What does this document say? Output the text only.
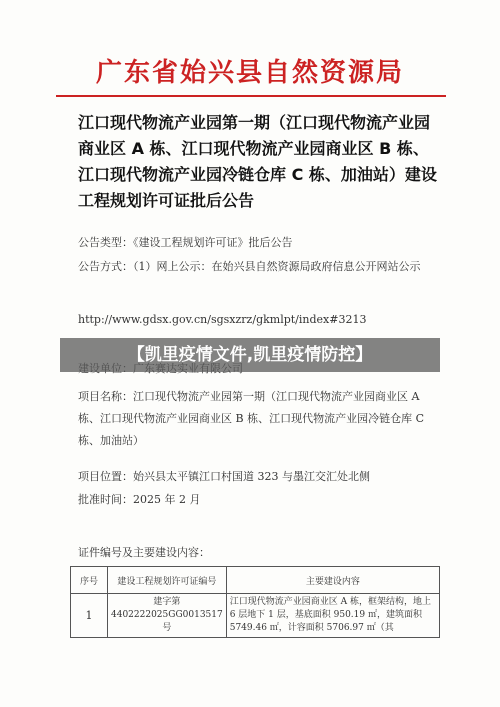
广东省始兴县自然资源局
江口现代物流产业园第一期（江口现代物流产业园商业区 A 栋、江口现代物流产业园商业区 B 栋、江口现代物流产业园冷链仓库 C 栋、加油站）建设工程规划许可证批后公告
公告类型：《建设工程规划许可证》批后公告
公告方式：（1）网上公示：在始兴县自然资源局政府信息公开网站公示
http://www.gdsx.gov.cn/sgsxzrz/gkmlpt/index#3213
项目名称：江口现代物流产业园第一期（江口现代物流产业园商业区 A 栋、江口现代物流产业园商业区 B 栋、江口现代物流产业园冷链仓库 C 栋、加油站）
项目位置：始兴县太平镇江口村国道 323 与墨江交汇处北侧
批准时间：2025 年 2 月
【凯里疫情文件,凯里疫情防控】
证件编号及主要建设内容：
序号	建设工程规划许可证编号	主要建设内容
1	建字第 4402222025GG0013517 号	江口现代物流产业园商业区 A 栋，框架结构，地上 6 层地下 1 层，基底面积 950.19 ㎡，建筑面积 5749.46 ㎡，计容面积 5706.97 ㎡（其
